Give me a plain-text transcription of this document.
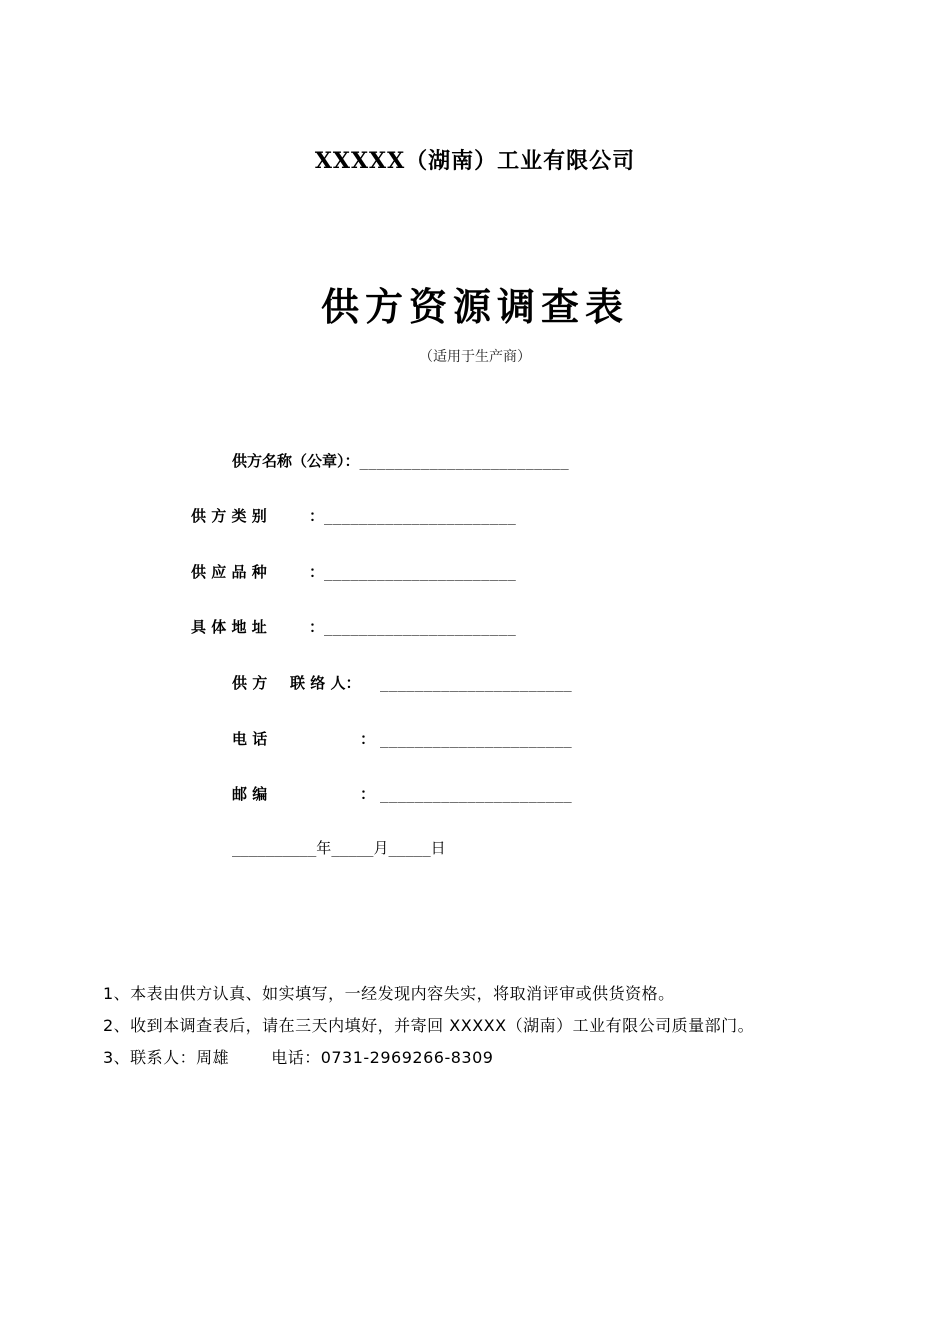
XXXXX（湖南）工业有限公司
供方资源调查表
（适用于生产商）
供方名称（公章）：________________________
供 方 类 别	：______________________
供 应 品 种	：______________________
具 体 地 址	：______________________
供 方 联 络 人： ______________________
电 话	： ______________________
邮 编	： ______________________
__________年_____月_____日

1、本表由供方认真、如实填写，一经发现内容失实，将取消评审或供货资格。

2、收到本调查表后，请在三天内填好，并寄回 XXXXX（湖南）工业有限公司质量部门。

3、联系人：周雄	电话：0731-2969266-8309
